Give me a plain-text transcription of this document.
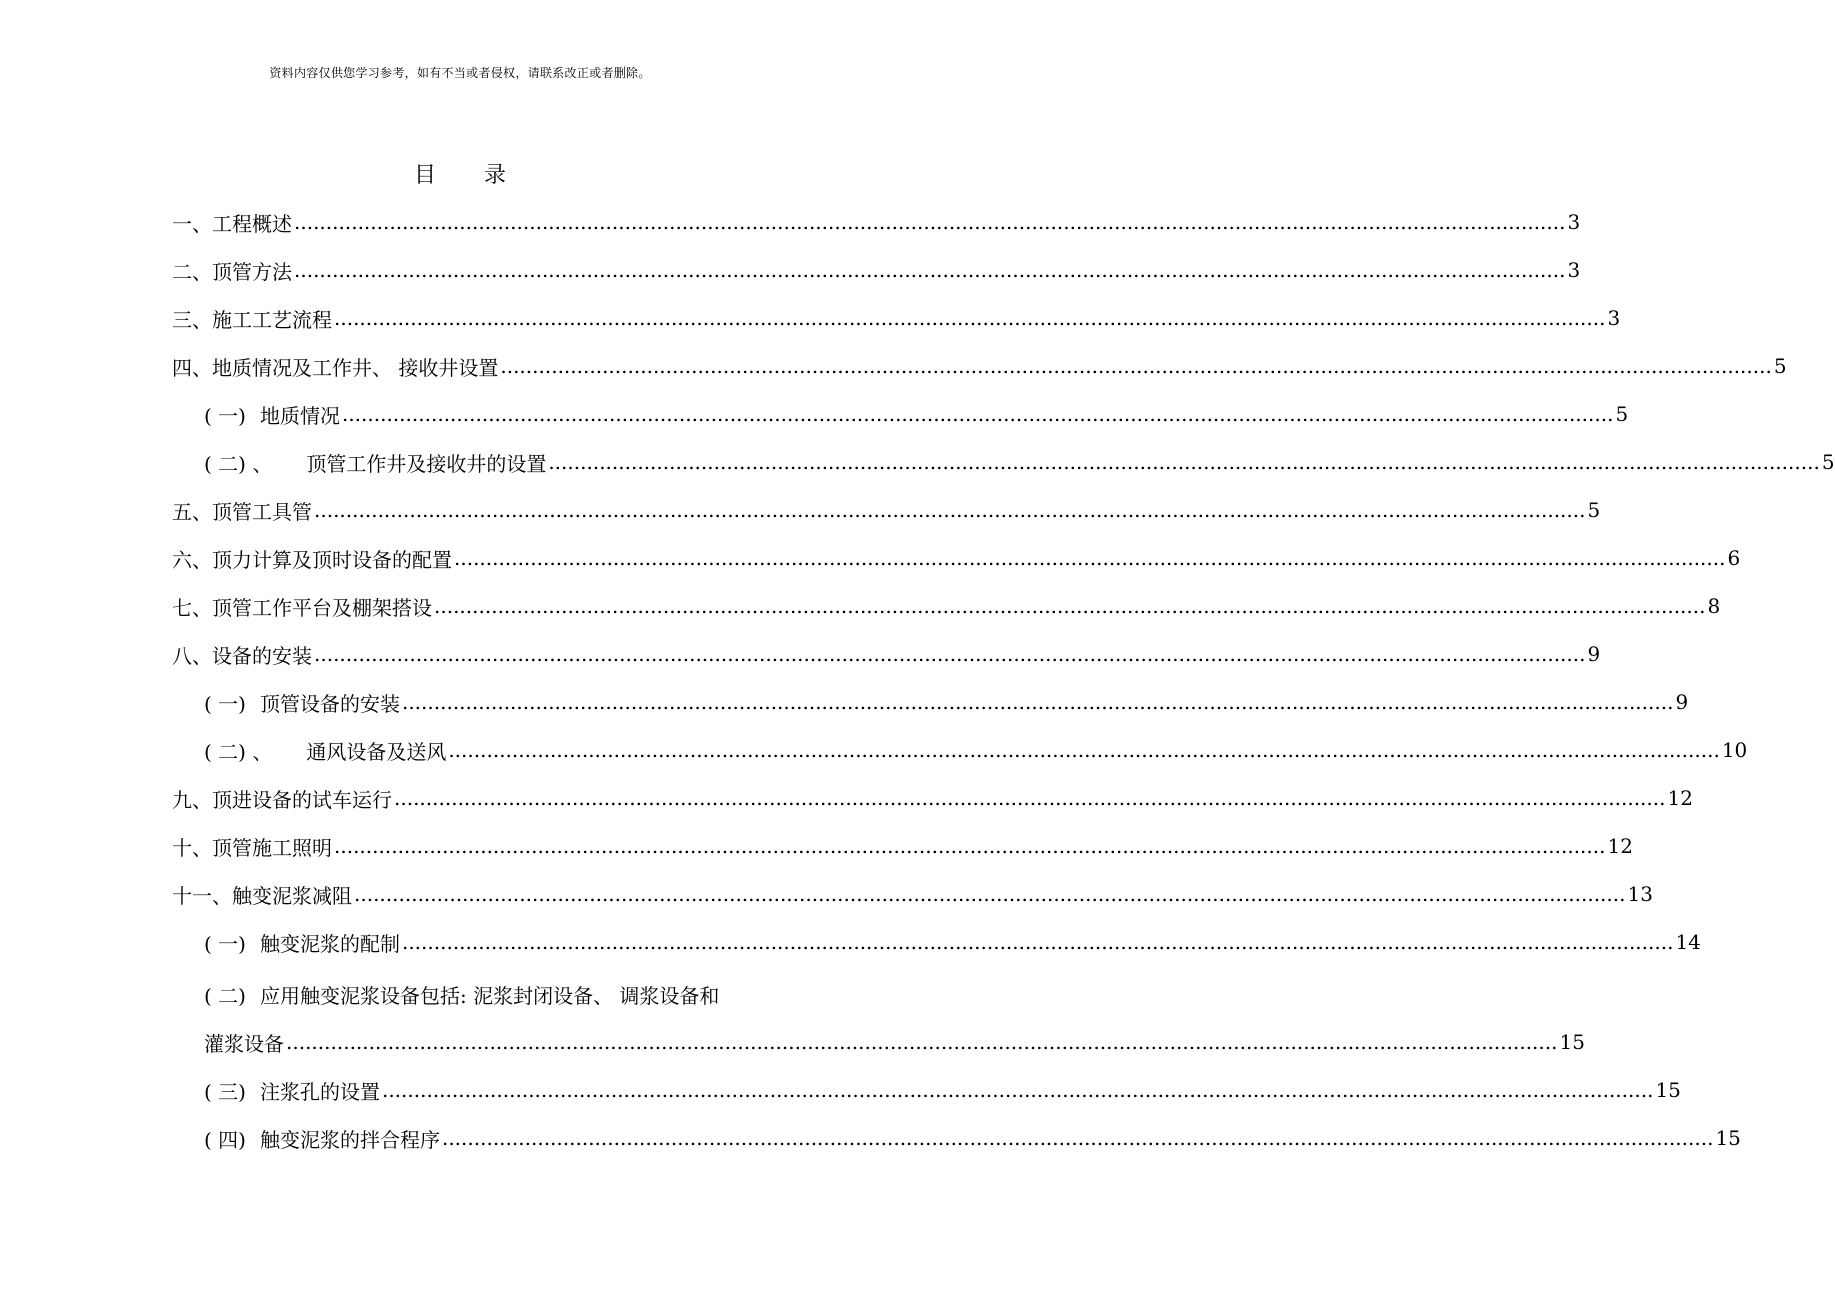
资料内容仅供您学习参考，如有不当或者侵权，请联系改正或者删除。
目 录
一、 工程概述 ........................................................................................................................................................................................................ 3
二、 顶管方法 ........................................................................................................................................................................................................ 3
三、 施工工艺流程 ........................................................................................................................................................................................................ 3
四、 地质情况及工作井、 接收井设置 ........................................................................................................................................................................................................ 5
( 一) 地质情况 ........................................................................................................................................................................................................ 5
( 二) 、	顶管工作井及接收井的设置 ........................................................................................................................................................................................................ 5
五、 顶管工具管 ........................................................................................................................................................................................................ 5
六、 顶力计算及顶时设备的配置 ........................................................................................................................................................................................................ 6
七、 顶管工作平台及棚架搭设 ........................................................................................................................................................................................................ 8
八、 设备的安装 ........................................................................................................................................................................................................ 9
( 一) 顶管设备的安装 ........................................................................................................................................................................................................ 9
( 二) 、	通风设备及送风 ........................................................................................................................................................................................................ 10
九、 顶进设备的试车运行 ........................................................................................................................................................................................................ 12
十、 顶管施工照明 ........................................................................................................................................................................................................ 12
十一、 触变泥浆减阻 ........................................................................................................................................................................................................ 13
( 一) 触变泥浆的配制 ........................................................................................................................................................................................................ 14
( 二) 应用触变泥浆设备包括: 泥浆封闭设备、 调浆设备和
灌浆设备 ........................................................................................................................................................................................................ 15
( 三) 注浆孔的设置 ........................................................................................................................................................................................................ 15
( 四) 触变泥浆的拌合程序 ........................................................................................................................................................................................................ 15
